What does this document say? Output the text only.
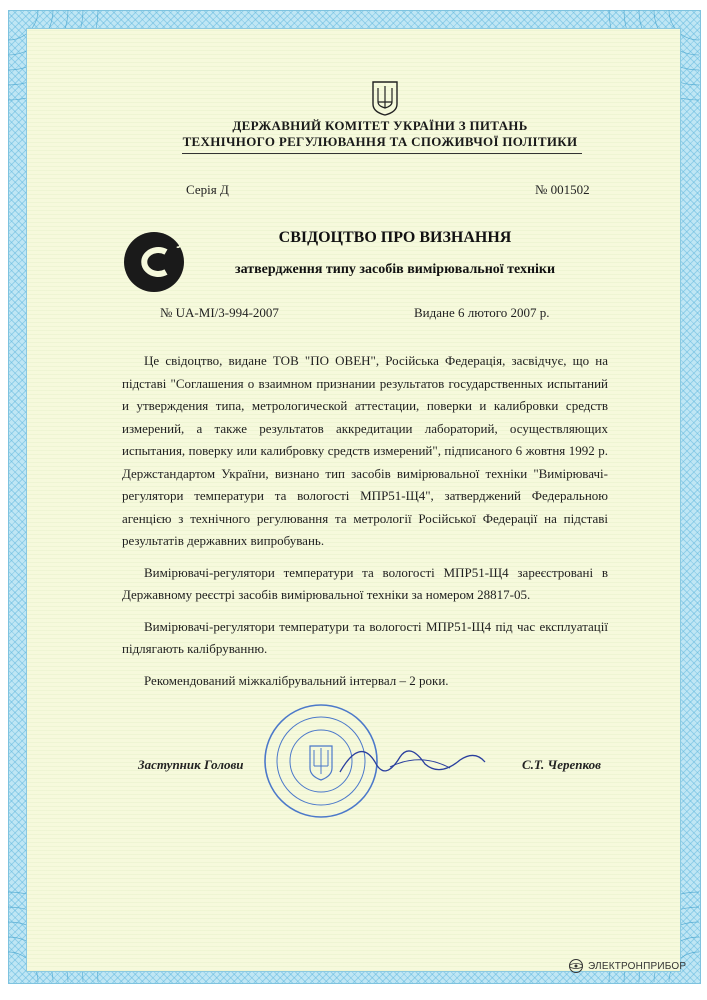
ДЕРЖАВНИЙ КОМІТЕТ УКРАЇНИ З ПИТАНЬ
ТЕХНІЧНОГО РЕГУЛЮВАННЯ ТА СПОЖИВЧОЇ ПОЛІТИКИ
Серія Д	№ 001502
У	СВІДОЦТВО ПРО ВИЗНАННЯ
затвердження типу засобів вимірювальної техніки
№ UA-MI/3-994-2007	Видане 6 лютого 2007 р.

Це свідоцтво, видане ТОВ "ПО ОВЕН", Російська Федерація, засвідчує, що на підставі "Соглашения о взаимном признании результатов государственных испытаний и утверждения типа, метрологической аттестации, поверки и калибровки средств измерений, а также результатов аккредитации лабораторий, осуществляющих испытания, поверку или калибровку средств измерений", підписаного 6 жовтня 1992 р. Держстандартом України, визнано тип засобів вимірювальної техніки "Вимірювачі-регулятори температури та вологості МПР51-Щ4", затверджений Федеральною агенцією з технічного регулювання та метрології Російської Федерації на підставі результатів державних випробувань.

Вимірювачі-регулятори температури та вологості МПР51-Щ4 зареєстровані в Державному реєстрі засобів вимірювальної техніки за номером 28817-05.

Вимірювачі-регулятори температури та вологості МПР51-Щ4 під час експлуатації підлягають калібруванню.

Рекомендований міжкалібрувальний інтервал – 2 роки.

Заступник Голови	С.Т. Черепков
ЭЛЕКТРОНПРИБОР
